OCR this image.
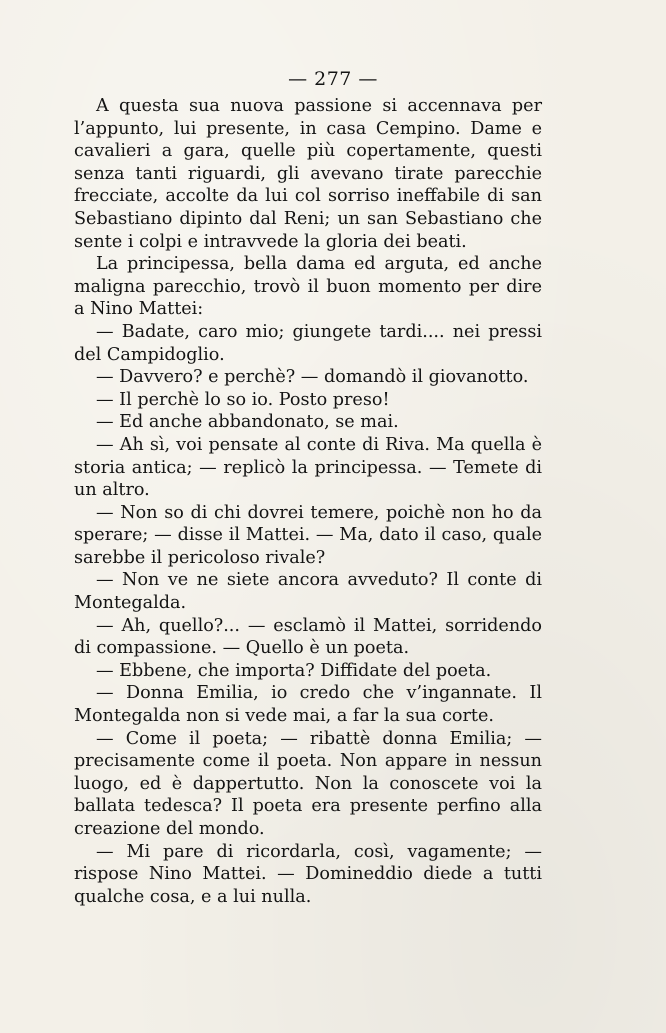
— 277 —

A questa sua nuova passione si accennava per l’appunto, lui presente, in casa Cempino. Dame e cavalieri a gara, quelle più copertamente, questi senza tanti riguardi, gli avevano tirate parecchie frecciate, accolte da lui col sorriso ineffabile di san Sebastiano dipinto dal Reni; un san Sebastiano che sente i colpi e intravvede la gloria dei beati.

La principessa, bella dama ed arguta, ed anche maligna parecchio, trovò il buon momento per dire a Nino Mattei:

— Badate, caro mio; giungete tardi.... nei pressi del Campidoglio.

— Davvero? e perchè? — domandò il giovanotto.

— Il perchè lo so io. Posto preso!

— Ed anche abbandonato, se mai.

— Ah sì, voi pensate al conte di Riva. Ma quella è storia antica; — replicò la principessa. — Temete di un altro.

— Non so di chi dovrei temere, poichè non ho da sperare; — disse il Mattei. — Ma, dato il caso, quale sarebbe il pericoloso rivale?

— Non ve ne siete ancora avveduto? Il conte di Montegalda.

— Ah, quello?... — esclamò il Mattei, sorridendo di compassione. — Quello è un poeta.

— Ebbene, che importa? Diffidate del poeta.

— Donna Emilia, io credo che v’ingannate. Il Montegalda non si vede mai, a far la sua corte.

— Come il poeta; — ribattè donna Emilia; — precisamente come il poeta. Non appare in nessun luogo, ed è dappertutto. Non la conoscete voi la ballata tedesca? Il poeta era presente perfino alla creazione del mondo.

— Mi pare di ricordarla, così, vagamente; — rispose Nino Mattei. — Domineddio diede a tutti qualche cosa, e a lui nulla.
